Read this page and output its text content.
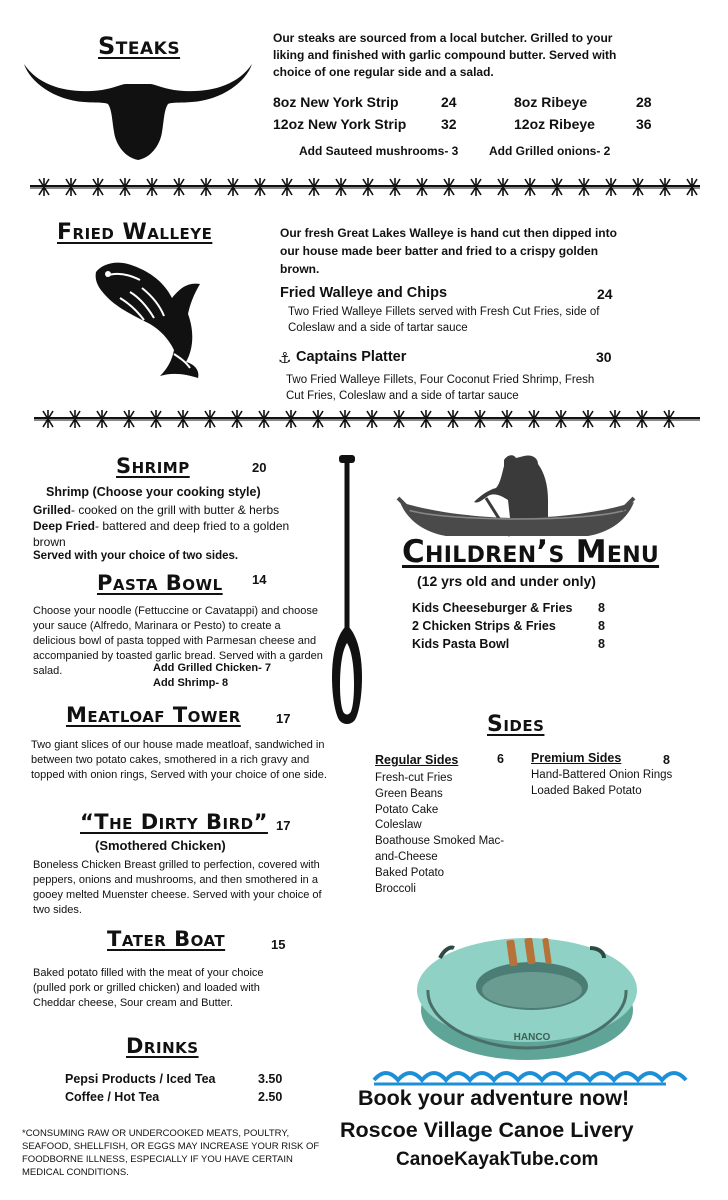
Steaks	Our steaks are sourced from a local butcher. Grilled to your liking and finished with garlic compound butter. Served with choice of one regular side and a salad.
8oz New York Strip	24	8oz Ribeye	28
12oz New York Strip 32	12oz Ribeye	36
Add Sauteed mushrooms- 3	Add Grilled onions- 2
Fried Walleye	Our fresh Great Lakes Walleye is hand cut then dipped into our house made beer batter and fried to a crispy golden brown.
Fried Walleye and Chips	24
Two Fried Walleye Fillets served with Fresh Cut Fries, side of Coleslaw and a side of tartar sauce
⚓ Captains Platter	30
Two Fried Walleye Fillets, Four Coconut Fried Shrimp, Fresh Cut Fries, Coleslaw and a side of tartar sauce
Shrimp	20
Shrimp (Choose your cooking style)
Grilled- cooked on the grill with butter & herbs
Deep Fried- battered and deep fried to a golden brown
Served with your choice of two sides.
Pasta Bowl 14
Choose your noodle (Fettuccine or Cavatappi) and choose your sauce (Alfredo, Marinara or Pesto) to create a delicious bowl of pasta topped with Parmesan cheese and accompanied by toasted garlic bread. Served with a garden salad.	Add Grilled Chicken- 7
Add Shrimp- 8
Meatloaf Tower	17
Two giant slices of our house made meatloaf, sandwiched in between two potato cakes, smothered in a rich gravy and topped with onion rings, Served with your choice of one side.
“The Dirty Bird” 17
(Smothered Chicken)
Boneless Chicken Breast grilled to perfection, covered with peppers, onions and mushrooms, and then smothered in a gooey melted Muenster cheese. Served with your choice of two sides.
Tater Boat	15
Baked potato filled with the meat of your choice (pulled pork or grilled chicken) and loaded with Cheddar cheese, Sour cream and Butter.
Drinks
Pepsi Products / Iced Tea	3.50
Coffee / Hot Tea	2.50
*CONSUMING RAW OR UNDERCOOKED MEATS, POULTRY, SEAFOOD, SHELLFISH, OR EGGS MAY INCREASE YOUR RISK OF FOODBORNE ILLNESS, ESPECIALLY IF YOU HAVE CERTAIN MEDICAL CONDITIONS.
Children’s Menu
(12 yrs old and under only)
Kids Cheeseburger & Fries 8
2 Chicken Strips & Fries	8
Kids Pasta Bowl	8
Sides
Regular Sides	6
Fresh-cut Fries
Green Beans
Potato Cake
Coleslaw
Boathouse Smoked Mac-and-Cheese
Baked Potato
Broccoli
Premium Sides	8
Hand-Battered Onion Rings
Loaded Baked Potato
HANCO
Book your adventure now!
Roscoe Village Canoe Livery
CanoeKayakTube.com
